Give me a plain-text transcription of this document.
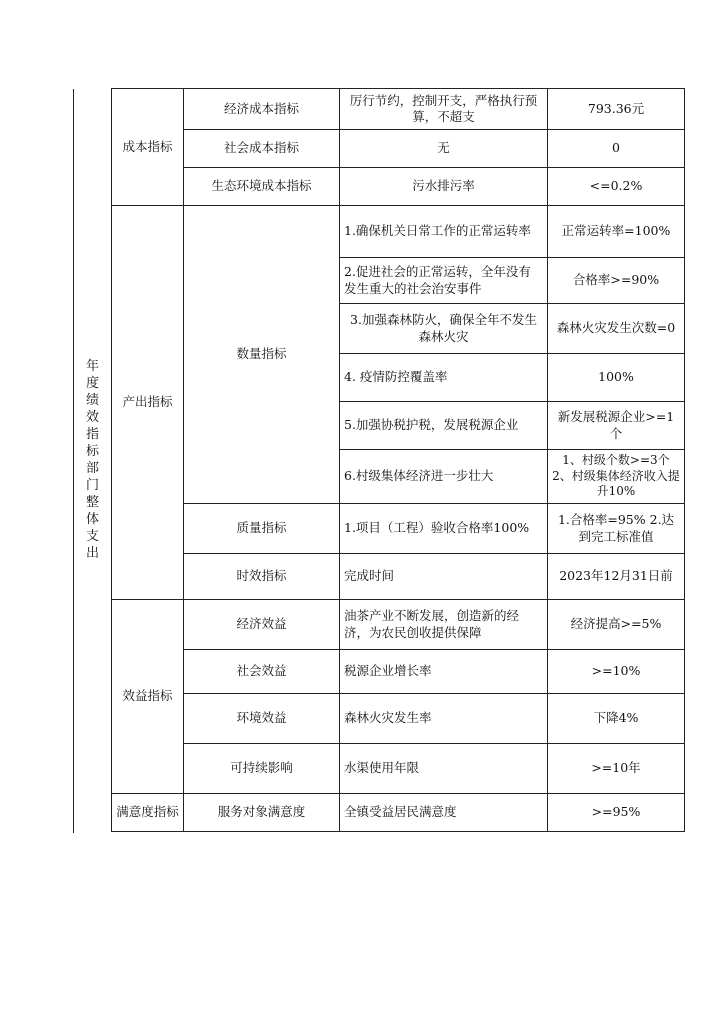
年度绩效指标部门整体支出	成本指标	经济成本指标	厉行节约，控制开支，严格执行预算，不超支	793.36元
		社会成本指标	无	0
		生态环境成本指标	污水排污率	<=0.2%
	产出指标	数量指标	1.确保机关日常工作的正常运转率	正常运转率=100%
			2.促进社会的正常运转，全年没有发生重大的社会治安事件	合格率>=90%
			3.加强森林防火，确保全年不发生森林火灾	森林火灾发生次数=0
			4. 疫情防控覆盖率	100%
			5.加强协税护税，发展税源企业	新发展税源企业>=1个
			6.村级集体经济进一步壮大	1、村级个数>=3个 2、村级集体经济收入提升10%
		质量指标	1.项目（工程）验收合格率100%	1.合格率=95% 2.达到完工标准值
		时效指标	完成时间	2023年12月31日前
	效益指标	经济效益	油茶产业不断发展，创造新的经济，为农民创收提供保障	经济提高>=5%
		社会效益	税源企业增长率	>=10%
		环境效益	森林火灾发生率	下降4%
		可持续影响	水渠使用年限	>=10年
	满意度指标	服务对象满意度	全镇受益居民满意度	>=95%
